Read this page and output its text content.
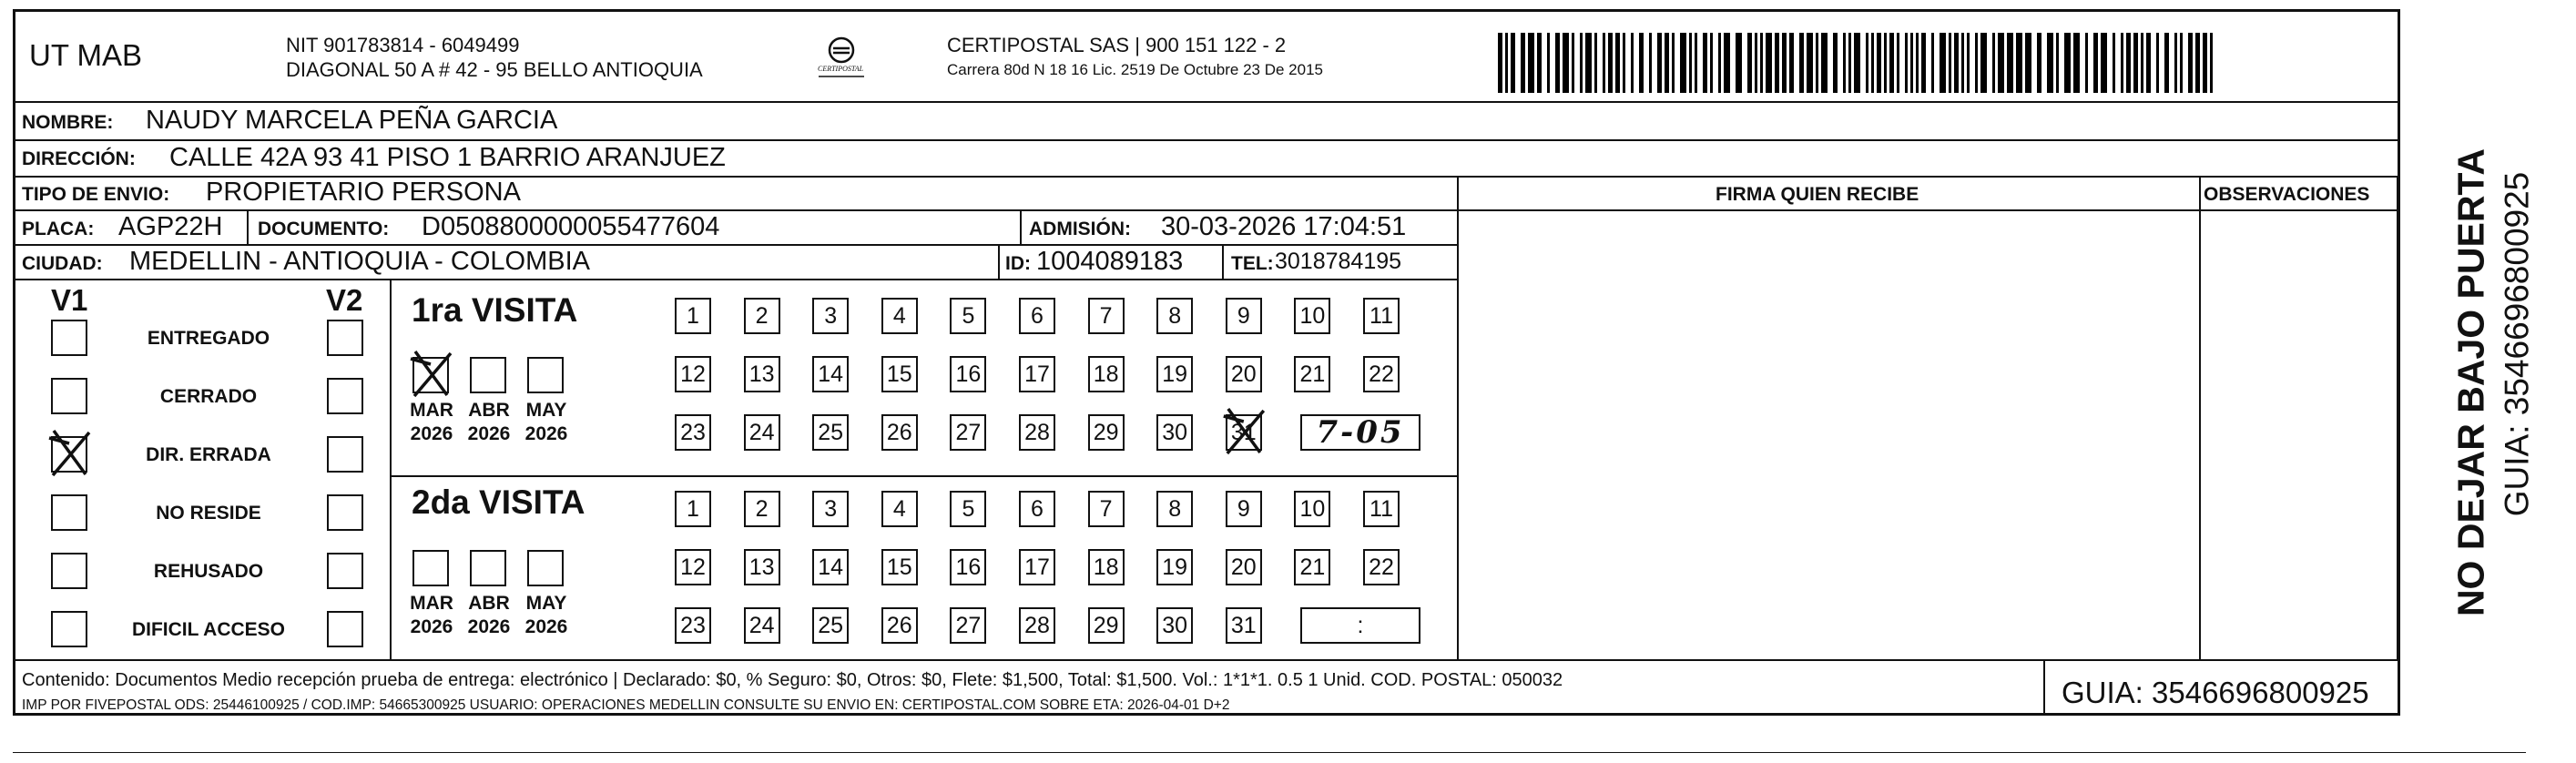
UT MAB	NIT 901783814 - 6049499
DIAGONAL 50 A # 42 - 95 BELLO ANTIOQUIA	CERTIPOSTAL
CERTIPOSTAL SAS | 900 151 122 - 2
Carrera 80d N 18 16 Lic. 2519 De Octubre 23 De 2015
NOMBRE: NAUDY MARCELA PEÑA GARCIA
DIRECCIÓN: CALLE 42A 93 41 PISO 1 BARRIO ARANJUEZ
TIPO DE ENVIO: PROPIETARIO PERSONA
PLACA: AGP22H DOCUMENTO: D0508800000055477604	ADMISIÓN: 30-03-2026 17:04:51
CIUDAD: MEDELLIN - ANTIOQUIA - COLOMBIA	ID: 1004089183	TEL: 3018784195
FIRMA QUIEN RECIBE	OBSERVACIONES
V1	V2 1ra VISITA
2da VISITA
Contenido: Documentos Medio recepción prueba de entrega: electrónico | Declarado: $0, % Seguro: $0, Otros: $0, Flete: $1,500, Total: $1,500. Vol.: 1*1*1. 0.5 1 Unid. COD. POSTAL: 050032
IMP POR FIVEPOSTAL ODS: 25446100925 / COD.IMP: 54665300925 USUARIO: OPERACIONES MEDELLIN CONSULTE SU ENVIO EN: CERTIPOSTAL.COM SOBRE ETA: 2026-04-01 D+2	GUIA: 3546696800925
NO DEJAR BAJO PUERTA GUIA: 3546696800925
ENTREGADO
CERRADO
DIR. ERRADA
NO RESIDE
REHUSADO
DIFICIL ACCESO
MAR
2026
ABR
2026
MAY
2026
1	2	3	4	5	6	7	8	9	10 11
12 13 14 15 16 17 18 19 20 21 22
23 24 25 26 27 28 29 30 31	7-05
MAR
2026
ABR
2026
MAY
2026
1	2	3	4	5	6	7	8	9	10 11
12 13 14 15 16 17 18 19 20 21 22
23 24 25 26 27 28 29 30 31	:
